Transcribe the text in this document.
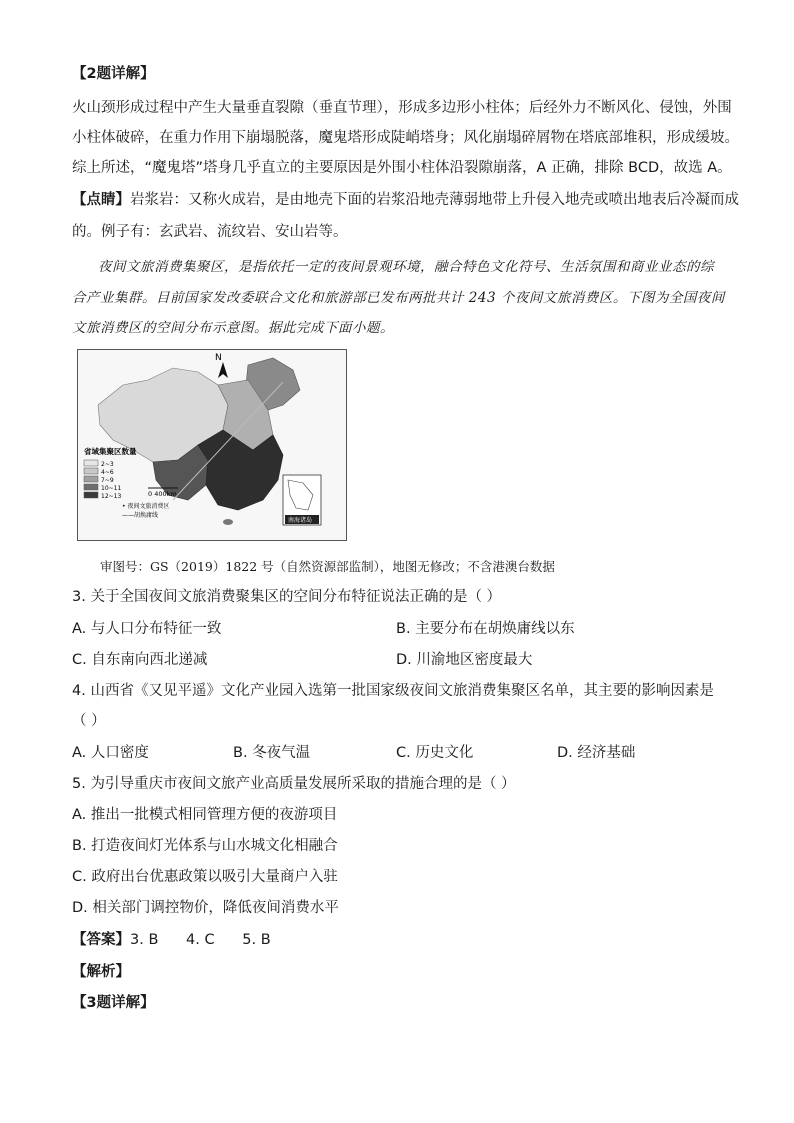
【2题详解】
火山颈形成过程中产生大量垂直裂隙（垂直节理），形成多边形小柱体；后经外力不断风化、侵蚀，外围
小柱体破碎，在重力作用下崩塌脱落，魔鬼塔形成陡峭塔身；风化崩塌碎屑物在塔底部堆积，形成缓坡。
综上所述，“魔鬼塔”塔身几乎直立的主要原因是外围小柱体沿裂隙崩落，A 正确，排除 BCD，故选 A。
【点睛】岩浆岩：又称火成岩，是由地壳下面的岩浆沿地壳薄弱地带上升侵入地壳或喷出地表后冷凝而成
的。例子有：玄武岩、流纹岩、安山岩等。
夜间文旅消费集聚区，是指依托一定的夜间景观环境，融合特色文化符号、生活氛围和商业业态的综
合产业集群。目前国家发改委联合文化和旅游部已发布两批共计 243 个夜间文旅消费区。下图为全国夜间
文旅消费区的空间分布示意图。据此完成下面小题。
N
南海诸岛
省域集聚区数量
2~3
4~6
7~9
10~11
12~13	0 400km
• 夜间文旅消费区
——胡焕庸线
审图号：GS（2019）1822 号（自然资源部监制），地图无修改；不含港澳台数据
3. 关于全国夜间文旅消费聚集区的空间分布特征说法正确的是（ ）
A. 与人口分布特征一致	B. 主要分布在胡焕庸线以东
C. 自东南向西北递减	D. 川渝地区密度最大
4. 山西省《又见平遥》文化产业园入选第一批国家级夜间文旅消费集聚区名单，其主要的影响因素是
（ ）
A. 人口密度	B. 冬夜气温	C. 历史文化	D. 经济基础
5. 为引导重庆市夜间文旅产业高质量发展所采取的措施合理的是（ ）
A. 推出一批模式相同管理方便的夜游项目
B. 打造夜间灯光体系与山水城文化相融合
C. 政府出台优惠政策以吸引大量商户入驻
D. 相关部门调控物价，降低夜间消费水平
【答案】3. B      4. C      5. B
【解析】
【3题详解】
